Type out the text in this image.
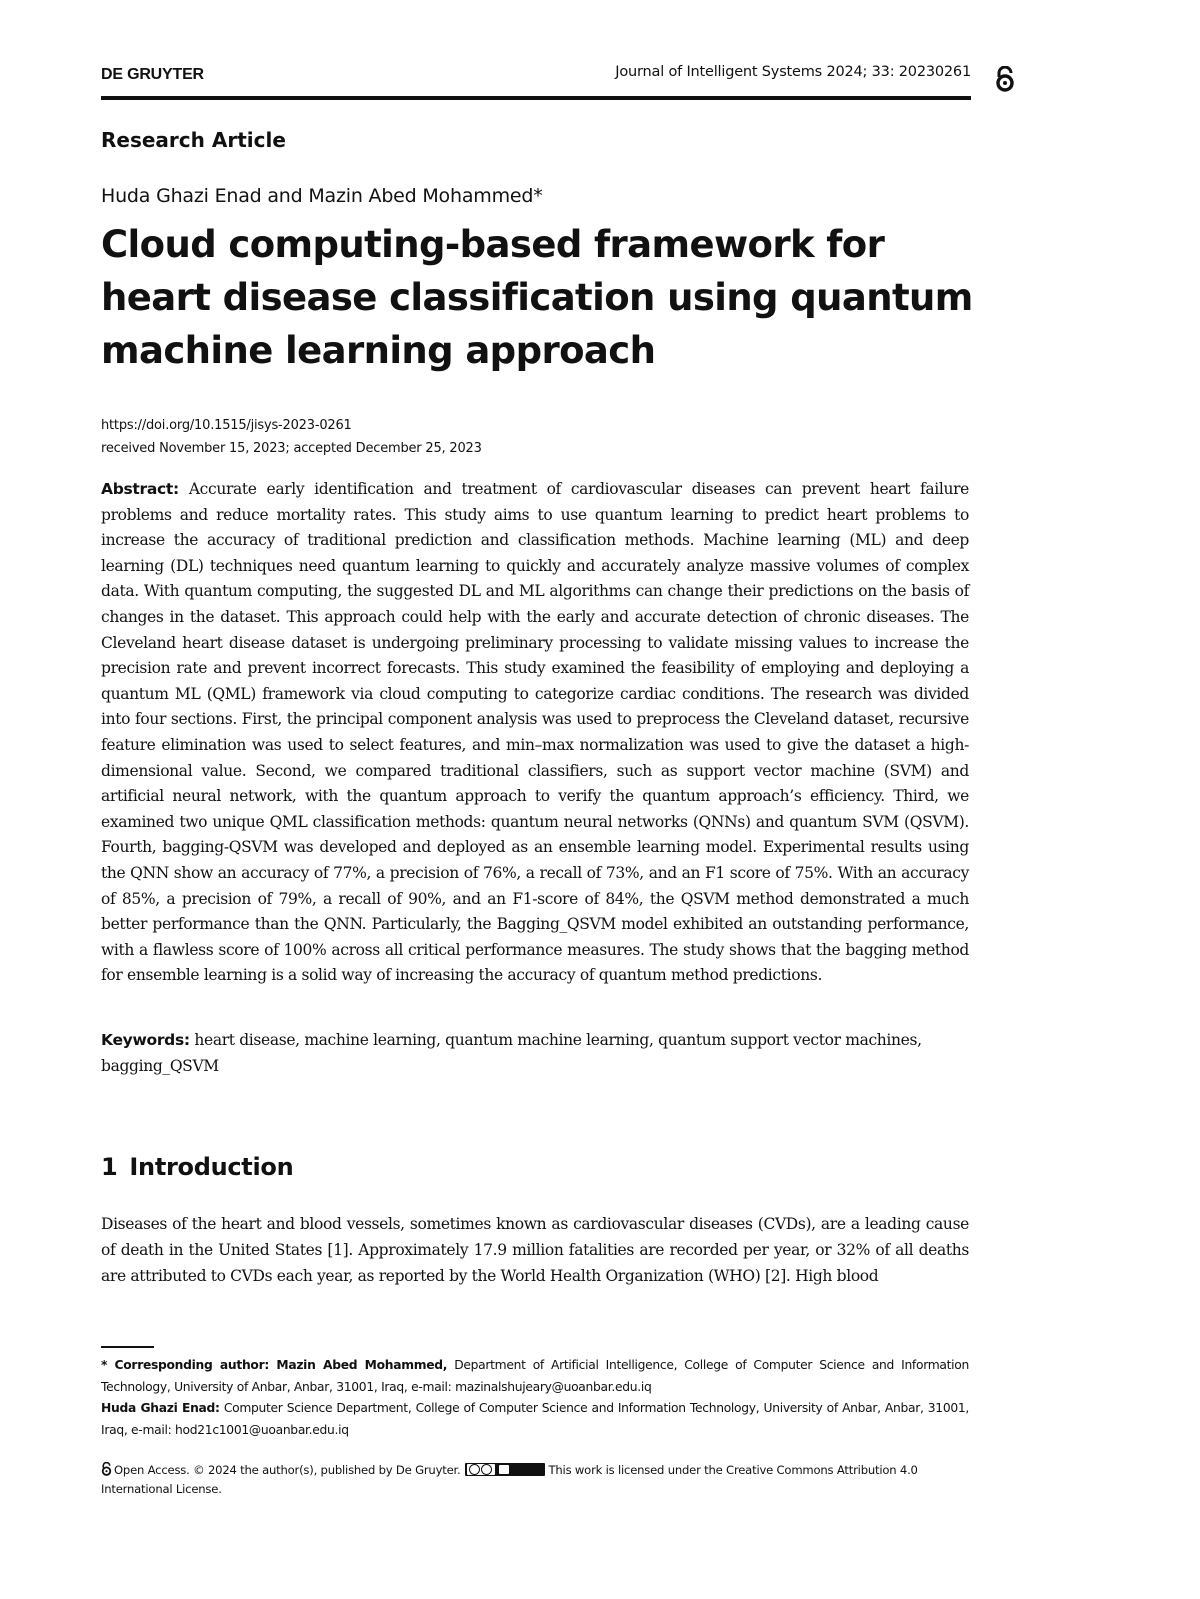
DE GRUYTER	Journal of Intelligent Systems 2024; 33: 20230261
Research Article
Huda Ghazi Enad and Mazin Abed Mohammed*
Cloud computing-based framework for heart disease classification using quantum machine learning approach
https://doi.org/10.1515/jisys-2023-0261
received November 15, 2023; accepted December 25, 2023

Abstract: Accurate early identification and treatment of cardiovascular diseases can prevent heart failure problems and reduce mortality rates. This study aims to use quantum learning to predict heart problems to increase the accuracy of traditional prediction and classification methods. Machine learning (ML) and deep learning (DL) techniques need quantum learning to quickly and accurately analyze massive volumes of complex data. With quantum computing, the suggested DL and ML algorithms can change their predictions on the basis of changes in the dataset. This approach could help with the early and accurate detection of chronic diseases. The Cleveland heart disease dataset is undergoing preliminary processing to validate missing values to increase the precision rate and prevent incorrect forecasts. This study examined the feasibility of employing and deploying a quantum ML (QML) framework via cloud computing to categorize cardiac conditions. The research was divided into four sections. First, the principal component analysis was used to preprocess the Cleveland dataset, recursive feature elimination was used to select features, and min–max normalization was used to give the dataset a high-dimensional value. Second, we compared traditional classifiers, such as support vector machine (SVM) and artificial neural network, with the quantum approach to verify the quantum approach’s efficiency. Third, we examined two unique QML classification methods: quantum neural networks (QNNs) and quantum SVM (QSVM). Fourth, bagging-QSVM was developed and deployed as an ensemble learning model. Experimental results using the QNN show an accuracy of 77%, a precision of 76%, a recall of 73%, and an F1 score of 75%. With an accuracy of 85%, a precision of 79%, a recall of 90%, and an F1-score of 84%, the QSVM method demonstrated a much better performance than the QNN. Particularly, the Bagging_QSVM model exhibited an outstanding performance, with a flawless score of 100% across all critical performance measures. The study shows that the bagging method for ensemble learning is a solid way of increasing the accuracy of quantum method predictions.

Keywords: heart disease, machine learning, quantum machine learning, quantum support vector machines, bagging_QSVM

1 Introduction

Diseases of the heart and blood vessels, sometimes known as cardiovascular diseases (CVDs), are a leading cause of death in the United States [1]. Approximately 17.9 million fatalities are recorded per year, or 32% of all deaths are attributed to CVDs each year, as reported by the World Health Organization (WHO) [2]. High blood

* Corresponding author: Mazin Abed Mohammed, Department of Artificial Intelligence, College of Computer Science and Information Technology, University of Anbar, Anbar, 31001, Iraq, e-mail: mazinalshujeary@uoanbar.edu.iq

Huda Ghazi Enad: Computer Science Department, College of Computer Science and Information Technology, University of Anbar, Anbar, 31001, Iraq, e-mail: hod21c1001@uoanbar.edu.iq

Open Access. © 2024 the author(s), published by De Gruyter.	This work is licensed under the Creative Commons Attribution 4.0 International License.
